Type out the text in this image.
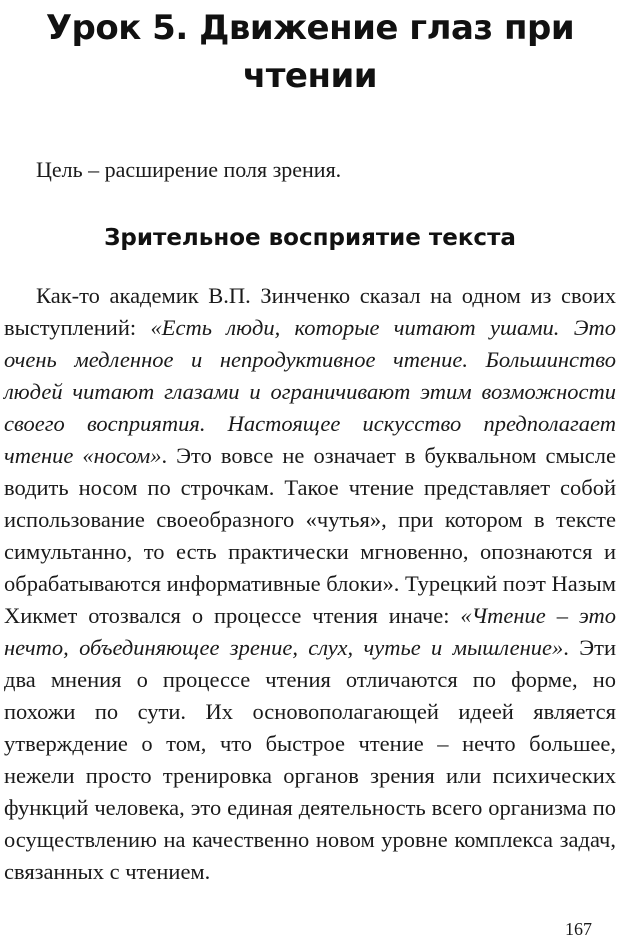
Урок 5. Движение глаз при чтении

Цель – расширение поля зрения.

Зрительное восприятие текста

Как-то академик В.П. Зинченко сказал на одном из своих выступлений: «Есть люди, которые читают ушами. Это очень медленное и непродуктивное чтение. Большинство людей читают глазами и ограничивают этим возможности своего восприятия. Настоящее искусство предполагает чтение «носом». Это вовсе не означает в буквальном смысле водить носом по строчкам. Такое чтение представляет собой использование своеобразного «чутья», при котором в тексте симультанно, то есть практически мгновенно, опознаются и обрабатываются информативные блоки». Турецкий поэт Назым Хикмет отозвался о процессе чтения иначе: «Чтение – это нечто, объединяющее зрение, слух, чутье и мышление». Эти два мнения о процессе чтения отличаются по форме, но похожи по сути. Их основополагающей идеей является утверждение о том, что быстрое чтение – нечто большее, нежели просто тренировка органов зрения или психических функций человека, это единая деятельность всего организма по осуществлению на качественно новом уровне комплекса задач, связанных с чтением.

167
